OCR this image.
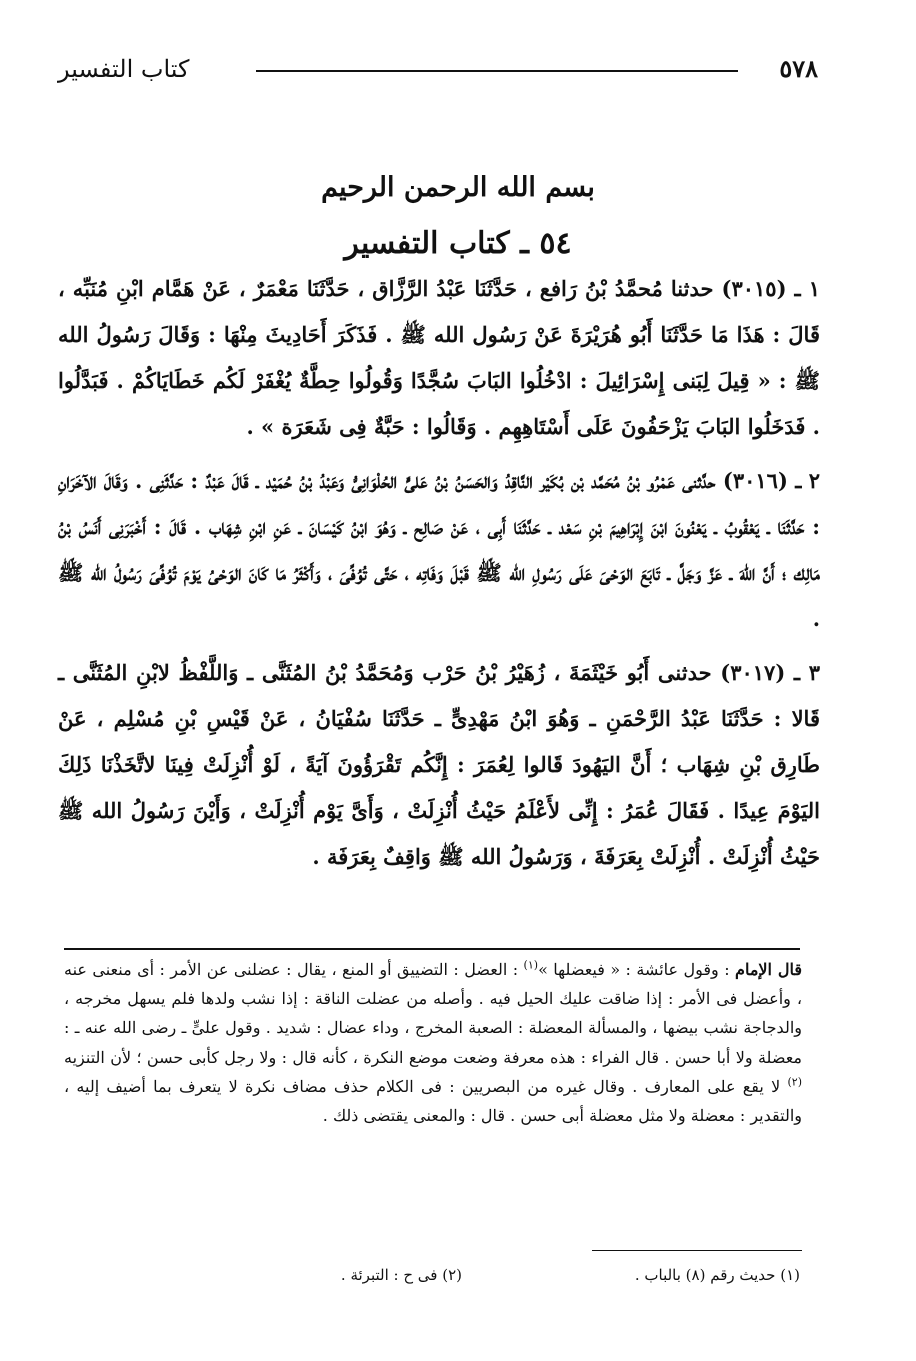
٥٧٨
كتاب التفسير
بسم الله الرحمن الرحيم
٥٤ ـ كتاب التفسير

١ ـ (٣٠١٥) حدثنا مُحمَّدُ بْنُ رَافع ، حَدَّثَنَا عَبْدُ الرَّزَّاق ، حَدَّثَنَا مَعْمَرٌ ، عَنْ هَمَّام ابْنِ مُنَبِّه ، قَالَ : هَذَا مَا حَدَّثَنَا أَبُو هُرَيْرَةَ عَنْ رَسُول الله ﷺ . فَذَكَرَ أَحَادِيثَ مِنْهَا : وَقَالَ رَسُولُ الله ﷺ : « قِيلَ لِبَنى إِسْرَائِيلَ : ادْخُلُوا البَابَ سُجَّدًا وَقُولُوا حِطَّةٌ يُغْفَرْ لَكُم خَطَايَاكُمْ . فَبَدَّلُوا . فَدَخَلُوا البَابَ يَزْحَفُونَ عَلَى أَسْتَاهِهِم . وَقَالُوا : حَبَّةٌ فِى شَعَرَة » .

٢ ـ (٣٠١٦) حدَّثنى عَمْرُو بْنُ مُحَمَّد بْن بُكَيْر النَّاقِدُ وَالحَسَنُ بْنُ عَلىٍّ الحُلْوَانِىُّ وَعَبْدُ بْنُ حُمَيْد ـ قَالَ عَبْدٌ : حَدَّثَنِى . وَقَالَ الآخَرَانِ : حَدَّثَنَا ـ يَعْقُوبُ ـ يَعْنُونَ ابْنَ إِبْرَاهِيمَ بْنِ سَعْد ـ حَدَّثَنَا أَبِى ، عَنْ صَالِح ـ وَهُوَ ابْنُ كَيْسَانَ ـ عَنِ ابْنِ شِهَاب . قَالَ : أَخْبَرَنِى أَنَسُ بْنُ مَالِك ؛ أَنَّ اللهَ ـ عَزَّ وَجَلَّ ـ تَابَعَ الوَحْىَ عَلَى رَسُولِ الله ﷺ قَبْلَ وَفَاتِه ، حَتَّى تُوُفِّىَ ، وَأَكْثَرُ مَا كَانَ الوَحْىُ يَوْمَ تُوُفِّىَ رَسُولُ الله ﷺ .

٣ ـ (٣٠١٧) حدثنى أَبُو خَيْثَمَةَ ، زُهَيْرُ بْنُ حَرْب وَمُحَمَّدُ بْنُ المُثَنَّى ـ وَاللَّفْظُ لابْنِ المُثَنَّى ـ قَالا : حَدَّثَنَا عَبْدُ الرَّحْمَنِ ـ وَهُوَ ابْنُ مَهْدِىٍّ ـ حَدَّثَنَا سُفْيَانُ ، عَنْ قَيْسِ بْنِ مُسْلِم ، عَنْ طَارِق بْنِ شِهَاب ؛ أَنَّ اليَهُودَ قَالوا لِعُمَرَ : إِنَّكُم تَقْرَؤُونَ آيَةً ، لَوْ أُنْزِلَتْ فِينَا لاتَّخَذْنَا ذَلِكَ اليَوْمَ عِيدًا . فَقَالَ عُمَرُ : إِنِّى لأَعْلَمُ حَيْثُ أُنْزِلَتْ ، وَأَىَّ يَوْم أُنْزِلَتْ ، وَأَيْنَ رَسُولُ الله ﷺ حَيْثُ أُنْزِلَتْ . أُنْزِلَتْ بِعَرَفَةَ ، وَرَسُولُ الله ﷺ وَاقِفٌ بِعَرَفَة .

قال الإمام : وقول عائشة : « فيعضلها »$^{(١)}$ : العضل : التضييق أو المنع ، يقال : عضلنى عن الأمر : أى منعنى عنه ، وأعضل فى الأمر : إذا ضاقت عليك الحيل فيه . وأصله من عضلت الناقة : إذا نشب ولدها فلم يسهل مخرجه ، والدجاجة نشب بيضها ، والمسألة المعضلة : الصعبة المخرج ، وداء عضال : شديد . وقول علىٍّ ـ رضى الله عنه ـ : معضلة ولا أبا حسن . قال الفراء : هذه معرفة وضعت موضع النكرة ، كأنه قال : ولا رجل كأبى حسن ؛ لأن التنزيه $^{(٢)}$ لا يقع على المعارف . وقال غيره من البصريين : فى الكلام حذف مضاف نكرة لا يتعرف بما أضيف إليه ، والتقدير : معضلة ولا مثل معضلة أبى حسن . قال : والمعنى يقتضى ذلك .
(١) حديث رقم (٨) بالباب .
(٢) فى ح : التبرئة .
